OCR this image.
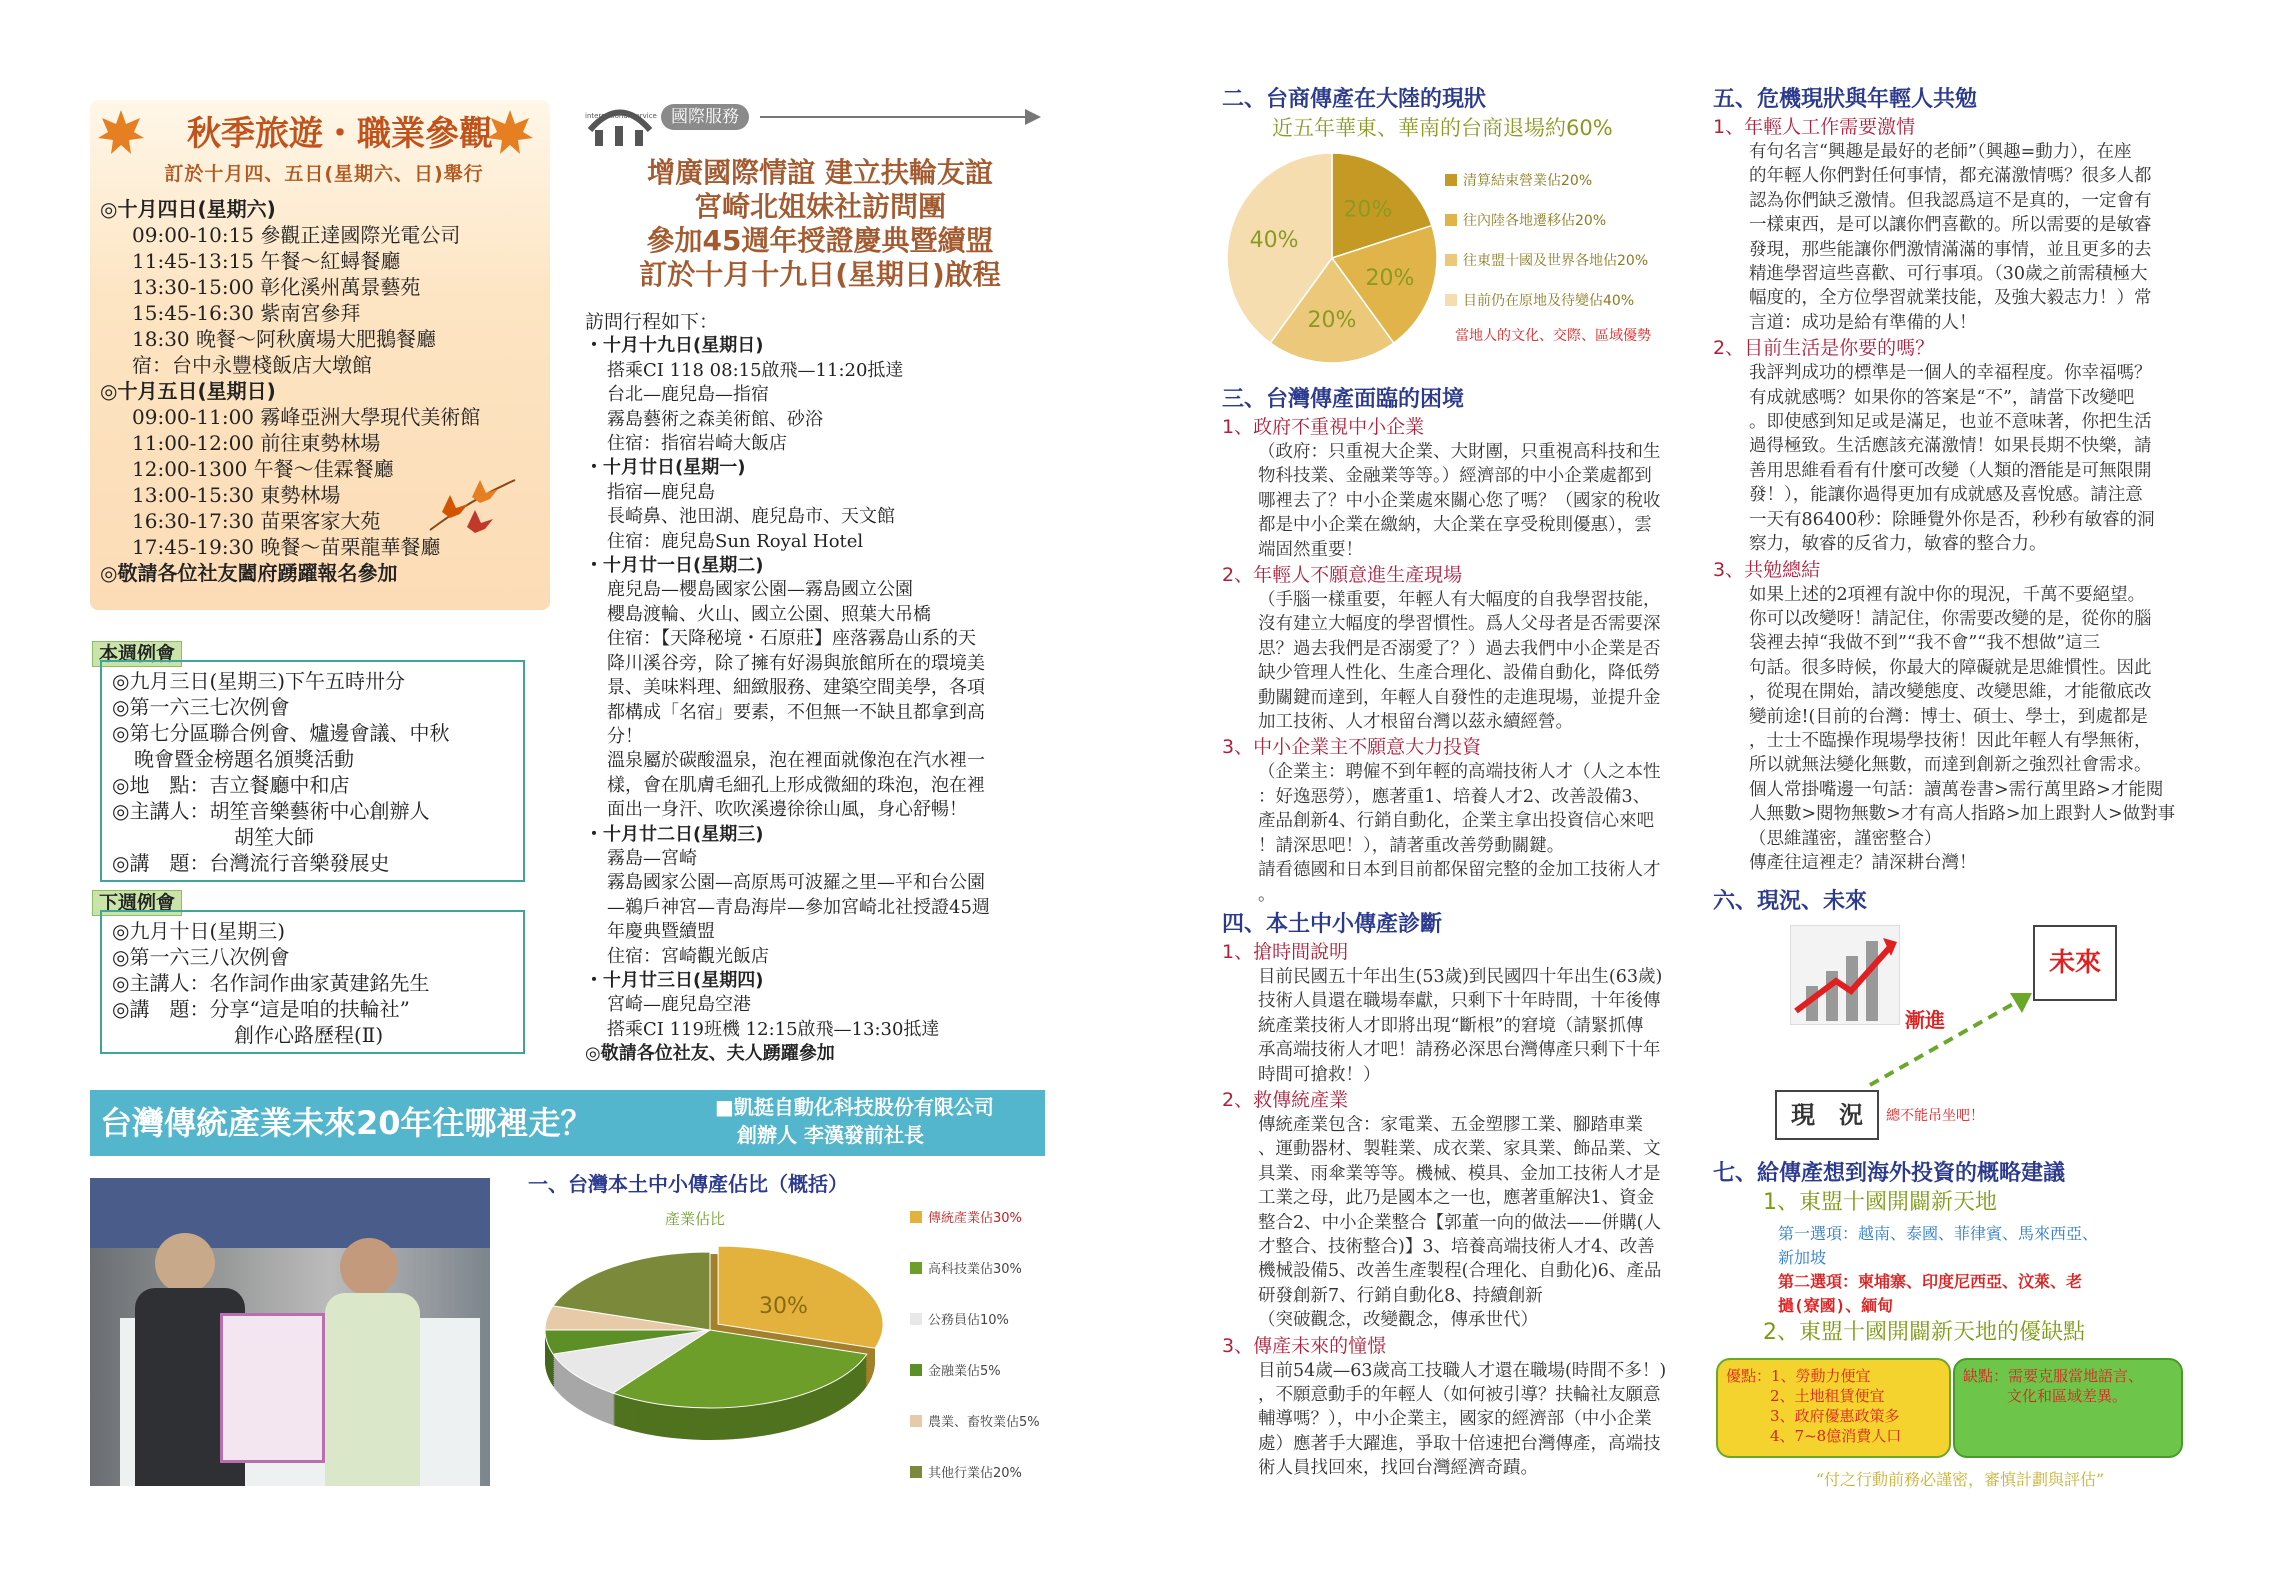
秋季旅遊・職業參觀
訂於十月四、五日(星期六、日)舉行
◎十月四日(星期六)
09:00-10:15 參觀正達國際光電公司
11:45-13:15 午餐～紅蟳餐廳
13:30-15:00 彰化溪州萬景藝苑
15:45-16:30 紫南宮參拜
18:30 晚餐～阿秋廣場大肥鵝餐廳
宿：台中永豐棧飯店大墩館
◎十月五日(星期日)
09:00-11:00 霧峰亞洲大學現代美術館
11:00-12:00 前往東勢林場
12:00-1300 午餐～佳霖餐廳
13:00-15:30 東勢林場
16:30-17:30 苗栗客家大苑
17:45-19:30 晚餐～苗栗龍華餐廳
◎敬請各位社友闔府踴躍報名參加
本週例會
◎九月三日(星期三)下午五時卅分
◎第一六三七次例會
◎第七分區聯合例會、爐邊會議、中秋
晚會暨金榜題名頒獎活動
◎地　點：吉立餐廳中和店
◎主講人：胡笙音樂藝術中心創辦人
胡笙大師
◎講　題：台灣流行音樂發展史
下週例會
◎九月十日(星期三)
◎第一六三八次例會
◎主講人：名作詞作曲家黃建銘先生
◎講　題：分享“這是咱的扶輪社”
創作心路歷程(Ⅱ)
international service 國際服務
增廣國際情誼 建立扶輪友誼
宮崎北姐妹社訪問團
參加45週年授證慶典暨續盟
訂於十月十九日(星期日)啟程
訪問行程如下：
・十月十九日(星期日)
搭乘CI 118 08:15啟飛—11:20抵達
台北—鹿兒島—指宿
霧島藝術之森美術館、砂浴
住宿：指宿岩崎大飯店
・十月廿日(星期一)
指宿—鹿兒島
長崎鼻、池田湖、鹿兒島市、天文館
住宿：鹿兒島Sun Royal Hotel
・十月廿一日(星期二)
鹿兒島—櫻島國家公園—霧島國立公園
櫻島渡輪、火山、國立公園、照葉大吊橋
住宿：【天降秘境・石原莊】座落霧島山系的天
降川溪谷旁，除了擁有好湯與旅館所在的環境美
景、美味料理、細緻服務、建築空間美學，各項
都構成「名宿」要素，不但無一不缺且都拿到高
分！
溫泉屬於碳酸溫泉，泡在裡面就像泡在汽水裡一
樣，會在肌膚毛細孔上形成微細的珠泡，泡在裡
面出一身汗、吹吹溪邊徐徐山風，身心舒暢！
・十月廿二日(星期三)
霧島—宮崎
霧島國家公園—高原馬可波羅之里—平和台公園
—鵜戶神宮—青島海岸—參加宮崎北社授證45週
年慶典暨續盟
住宿：宮崎觀光飯店
・十月廿三日(星期四)
宮崎—鹿兒島空港
搭乘CI 119班機 12:15啟飛—13:30抵達
◎敬請各位社友、夫人踴躍參加
台灣傳統產業未來20年往哪裡走？	■凱挺自動化科技股份有限公司
創辦人 李漢發前社長
一、台灣本土中小傳產佔比（概括）
產業佔比
30%
傳統產業佔30%
高科技業佔30%
公務員佔10%
金融業佔5%
農業、畜牧業佔5%
其他行業佔20%
二、台商傳產在大陸的現狀
近五年華東、華南的台商退場約60%
20%
20%
20%
40%
清算結束營業佔20%
往內陸各地遷移佔20%
往東盟十國及世界各地佔20%
目前仍在原地及待變佔40%
當地人的文化、交際、區域優勢
三、台灣傳產面臨的困境
1、政府不重視中小企業
（政府：只重視大企業、大財團，只重視高科技和生
物科技業、金融業等等。）經濟部的中小企業處都到
哪裡去了？中小企業處來關心您了嗎？（國家的稅收
都是中小企業在繳納，大企業在享受稅則優惠），雲
端固然重要！
2、年輕人不願意進生產現場
（手腦一樣重要，年輕人有大幅度的自我學習技能，
沒有建立大幅度的學習慣性。爲人父母者是否需要深
思？過去我們是否溺愛了？）過去我們中小企業是否
缺少管理人性化、生產合理化、設備自動化，降低勞
動關鍵而達到，年輕人自發性的走進現場，並提升金
加工技術、人才根留台灣以茲永續經營。
3、中小企業主不願意大力投資
（企業主：聘僱不到年輕的高端技術人才（人之本性
：好逸惡勞），應著重1、培養人才2、改善設備3、
產品創新4、行銷自動化，企業主拿出投資信心來吧
！請深思吧！），請著重改善勞動關鍵。
請看德國和日本到目前都保留完整的金加工技術人才
。
四、本土中小傳產診斷
1、搶時間說明
目前民國五十年出生(53歲)到民國四十年出生(63歲)
技術人員還在職場奉獻，只剩下十年時間，十年後傳
統產業技術人才即將出現“斷根”的窘境（請緊抓傳
承高端技術人才吧！請務必深思台灣傳產只剩下十年
時間可搶救！）
2、救傳統產業
傳統產業包含：家電業、五金塑膠工業、腳踏車業
、運動器材、製鞋業、成衣業、家具業、飾品業、文
具業、雨傘業等等。機械、模具、金加工技術人才是
工業之母，此乃是國本之一也，應著重解決1、資金
整合2、中小企業整合【郭董一向的做法——併購(人
才整合、技術整合)】3、培養高端技術人才4、改善
機械設備5、改善生產製程(合理化、自動化)6、產品
研發創新7、行銷自動化8、持續創新
（突破觀念，改變觀念，傳承世代）
3、傳產未來的憧憬
目前54歲—63歲高工技職人才還在職場(時間不多！)
，不願意動手的年輕人（如何被引導？扶輪社友願意
輔導嗎？），中小企業主，國家的經濟部（中小企業
處）應著手大躍進，爭取十倍速把台灣傳產，高端技
術人員找回來，找回台灣經濟奇蹟。
五、危機現狀與年輕人共勉
1、年輕人工作需要激情
有句名言“興趣是最好的老師”（興趣=動力），在座
的年輕人你們對任何事情，都充滿激情嗎？很多人都
認為你們缺乏激情。但我認爲這不是真的，一定會有
一樣東西，是可以讓你們喜歡的。所以需要的是敏睿
發現，那些能讓你們激情滿滿的事情，並且更多的去
精進學習這些喜歡、可行事項。（30歲之前需積極大
幅度的，全方位學習就業技能，及強大毅志力！）常
言道：成功是給有準備的人！
2、目前生活是你要的嗎？
我評判成功的標準是一個人的幸福程度。你幸福嗎？
有成就感嗎？如果你的答案是“不”，請當下改變吧
。即使感到知足或是滿足，也並不意味著，你把生活
過得極致。生活應該充滿激情！如果長期不快樂，請
善用思維看看有什麼可改變（人類的潛能是可無限開
發！），能讓你過得更加有成就感及喜悅感。請注意
一天有86400秒：除睡覺外你是否，秒秒有敏睿的洞
察力，敏睿的反省力，敏睿的整合力。
3、共勉總結
如果上述的2項裡有說中你的現況，千萬不要絕望。
你可以改變呀！請記住，你需要改變的是，從你的腦
袋裡去掉“我做不到”“我不會”“我不想做”這三
句話。很多時候，你最大的障礙就是思維慣性。因此
，從現在開始，請改變態度、改變思維，才能徹底改
變前途!(目前的台灣：博士、碩士、學士，到處都是
，士士不臨操作現場學技術！因此年輕人有學無術，
所以就無法變化無數，而達到創新之強烈社會需求。
個人常掛嘴邊一句話：讀萬卷書>需行萬里路>才能閱
人無數>閱物無數>才有高人指路>加上跟對人>做對事
（思維謹密，謹密整合）
傳產往這裡走？請深耕台灣！
六、現況、未來
未來
漸進
現　況	總不能吊坐吧！
七、給傳產想到海外投資的概略建議
1、東盟十國開闢新天地
第一選項：越南、泰國、菲律賓、馬來西亞、
新加坡
第二選項：柬埔寨、印度尼西亞、汶萊、老
撾(寮國)、緬甸
2、東盟十國開闢新天地的優缺點
優點：1、勞動力便宜
2、土地租賃便宜
3、政府優惠政策多
4、7~8億消費人口
缺點：需要克服當地語言、
文化和區域差異。
“付之行動前務必謹密，審慎計劃與評估”
